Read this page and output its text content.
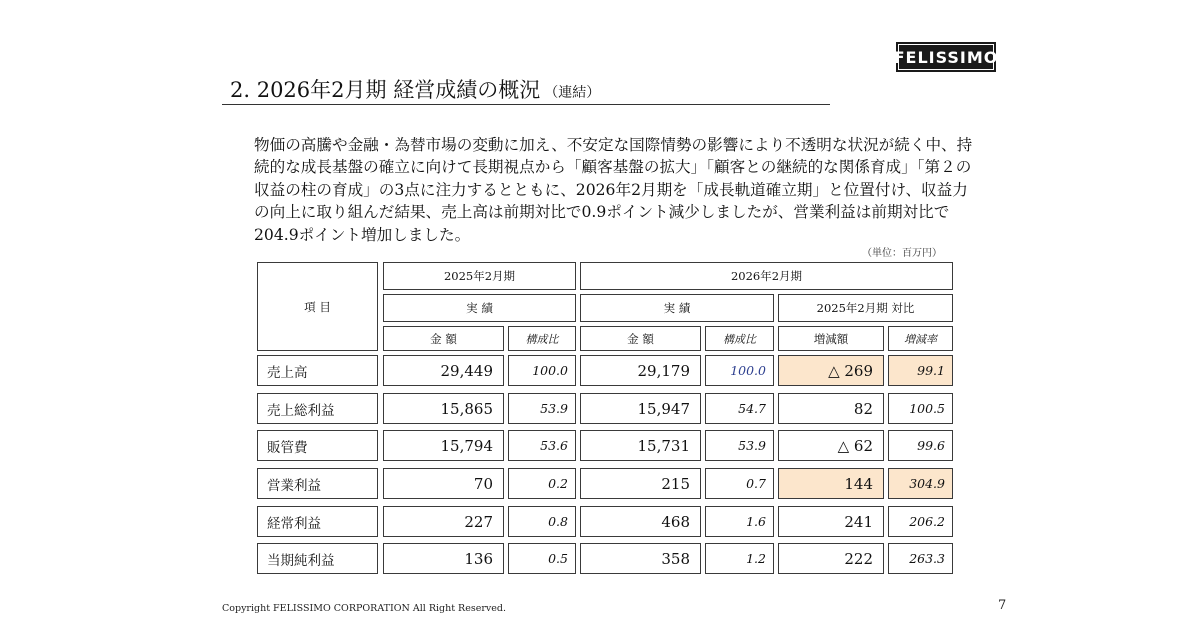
FELISSIMO
2. 2026年2月期 経営成績の概況 （連結）

物価の高騰や金融・為替市場の変動に加え、不安定な国際情勢の影響により不透明な状況が続く中、持続的な成長基盤の確立に向けて長期視点から「顧客基盤の拡大」「顧客との継続的な関係育成」「第２の収益の柱の育成」の3点に注力するとともに、2026年2月期を「成長軌道確立期」と位置付け、収益力の向上に取り組んだ結果、売上高は前期対比で0.9ポイント減少しましたが、営業利益は前期対比で204.9ポイント増加しました。

（単位：百万円）
項 目
2025年2月期	2026年2月期
実 績	実 績	2025年2月期 対比
金 額	構成比	金 額	構成比	増減額	増減率
売上高	29,449	100.0	29,179	100.0	△ 269	99.1
売上総利益	15,865	53.9	15,947	54.7	82	100.5
販管費	15,794	53.6	15,731	53.9	△ 62	99.6
営業利益	70	0.2	215	0.7	144	304.9
経常利益	227	0.8	468	1.6	241	206.2
当期純利益	136	0.5	358	1.2	222	263.3
Copyright FELISSIMO CORPORATION All Right Reserved.	7
